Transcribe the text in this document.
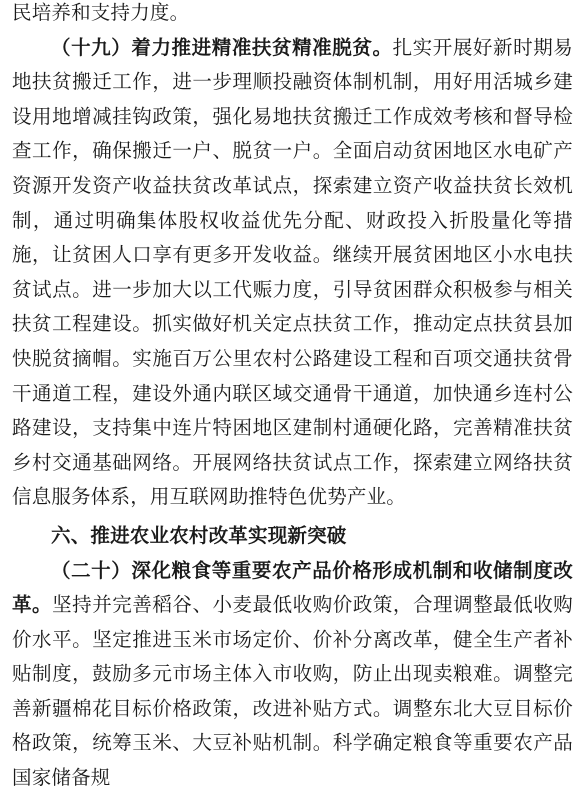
民培养和支持力度。

（十九）着力推进精准扶贫精准脱贫。扎实开展好新时期易地扶贫搬迁工作，进一步理顺投融资体制机制，用好用活城乡建设用地增减挂钩政策，强化易地扶贫搬迁工作成效考核和督导检查工作，确保搬迁一户、脱贫一户。全面启动贫困地区水电矿产资源开发资产收益扶贫改革试点，探索建立资产收益扶贫长效机制，通过明确集体股权收益优先分配、财政投入折股量化等措施，让贫困人口享有更多开发收益。继续开展贫困地区小水电扶贫试点。进一步加大以工代赈力度，引导贫困群众积极参与相关扶贫工程建设。抓实做好机关定点扶贫工作，推动定点扶贫县加快脱贫摘帽。实施百万公里农村公路建设工程和百项交通扶贫骨干通道工程，建设外通内联区域交通骨干通道，加快通乡连村公路建设，支持集中连片特困地区建制村通硬化路，完善精准扶贫乡村交通基础网络。开展网络扶贫试点工作，探索建立网络扶贫信息服务体系，用互联网助推特色优势产业。

六、推进农业农村改革实现新突破

（二十）深化粮食等重要农产品价格形成机制和收储制度改革。坚持并完善稻谷、小麦最低收购价政策，合理调整最低收购价水平。坚定推进玉米市场定价、价补分离改革，健全生产者补贴制度，鼓励多元市场主体入市收购，防止出现卖粮难。调整完善新疆棉花目标价格政策，改进补贴方式。调整东北大豆目标价格政策，统筹玉米、大豆补贴机制。科学确定粮食等重要农产品国家储备规
